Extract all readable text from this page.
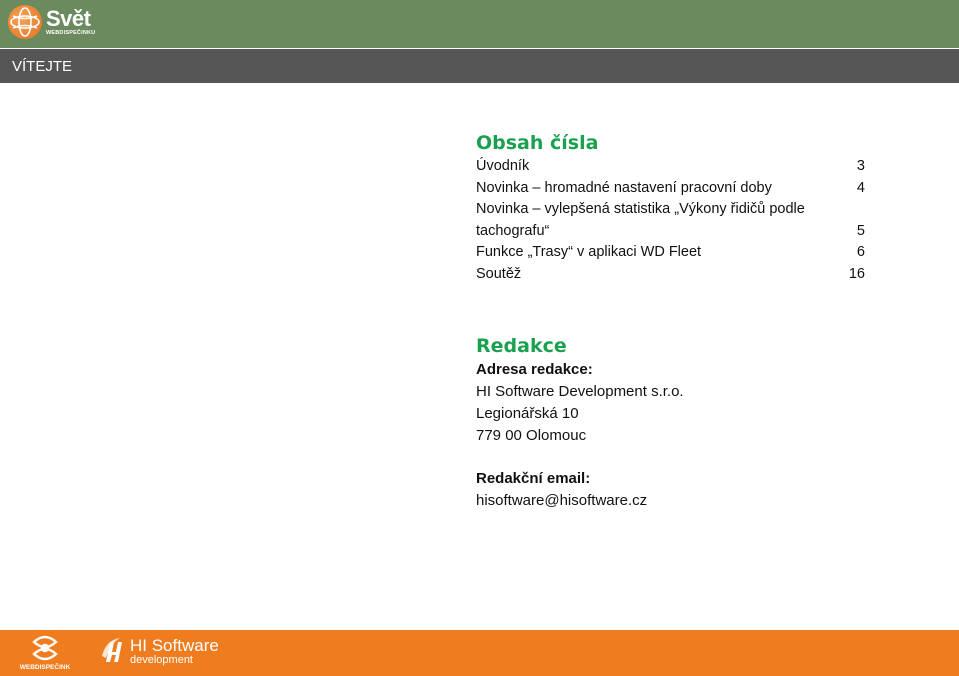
Svět
WEBDISPEČINKU
VÍTEJTE
Obsah čísla
Úvodník	3
Novinka – hromadné nastavení pracovní doby	4
Novinka – vylepšená statistika „Výkony řidičů podle tachografu“	5
Funkce „Trasy“ v aplikaci WD Fleet	6
Soutěž	16
Redakce
Adresa redakce:
HI Software Development s.r.o.
Legionářská 10
779 00 Olomouc
Redakční email:
hisoftware@hisoftware.cz
WEBDISPEČINK
HI Software
development
